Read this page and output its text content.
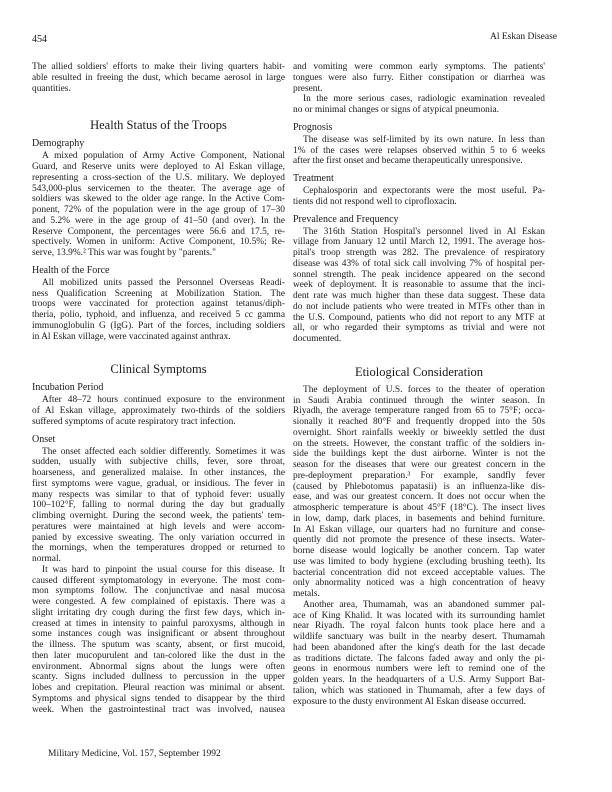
454	Al Eskan Disease
The allied soldiers' efforts to make their living quarters habit-
able resulted in freeing the dust, which became aerosol in large
quantities.
Health Status of the Troops
Demography
A mixed population of Army Active Component, National
Guard, and Reserve units were deployed to Al Eskan village,
representing a cross-section of the U.S. military. We deployed
543,000-plus servicemen to the theater. The average age of
soldiers was skewed to the older age range. In the Active Com-
ponent, 72% of the population were in the age group of 17–30
and 5.2% were in the age group of 41–50 (and over). In the
Reserve Component, the percentages were 56.6 and 17.5, re-
spectively. Women in uniform: Active Component, 10.5%; Re-
serve, 13.9%.² This war was fought by "parents."
Health of the Force
All mobilized units passed the Personnel Overseas Readi-
ness Qualification Screening at Mobilization Station. The
troops were vaccinated for protection against tetanus/diph-
theria, polio, typhoid, and influenza, and received 5 cc gamma
immunoglobulin G (IgG). Part of the forces, including soldiers
in Al Eskan village, were vaccinated against anthrax.
Clinical Symptoms
Incubation Period
After 48–72 hours continued exposure to the environment
of Al Eskan village, approximately two-thirds of the soldiers
suffered symptoms of acute respiratory tract infection.
Onset
The onset affected each soldier differently. Sometimes it was
sudden, usually with subjective chills, fever, sore throat,
hoarseness, and generalized malaise. In other instances, the
first symptoms were vague, gradual, or insidious. The fever in
many respects was similar to that of typhoid fever: usually
100–102°F, falling to normal during the day but gradually
climbing overnight. During the second week, the patients' tem-
peratures were maintained at high levels and were accom-
panied by excessive sweating. The only variation occurred in
the mornings, when the temperatures dropped or returned to
normal.
It was hard to pinpoint the usual course for this disease. It
caused different symptomatology in everyone. The most com-
mon symptoms follow. The conjunctivae and nasal mucosa
were congested. A few complained of epistaxis. There was a
slight irritating dry cough during the first few days, which in-
creased at times in intensity to painful paroxysms, although in
some instances cough was insignificant or absent throughout
the illness. The sputum was scanty, absent, or first mucoid,
then later mucopurulent and tan-colored like the dust in the
environment. Abnormal signs about the lungs were often
scanty. Signs included dullness to percussion in the upper
lobes and crepitation. Pleural reaction was minimal or absent.
Symptoms and physical signs tended to disappear by the third
week. When the gastrointestinal tract was involved, nausea
and vomiting were common early symptoms. The patients'
tongues were also furry. Either constipation or diarrhea was
present.
In the more serious cases, radiologic examination revealed
no or minimal changes or signs of atypical pneumonia.
Prognosis
The disease was self-limited by its own nature. In less than
1% of the cases were relapses observed within 5 to 6 weeks
after the first onset and became therapeutically unresponsive.
Treatment
Cephalosporin and expectorants were the most useful. Pa-
tients did not respond well to ciprofloxacin.
Prevalence and Frequency
The 316th Station Hospital's personnel lived in Al Eskan
village from January 12 until March 12, 1991. The average hos-
pital's troop strength was 282. The prevalence of respiratory
disease was 43% of total sick call involving 7% of hospital per-
sonnel strength. The peak incidence appeared on the second
week of deployment. It is reasonable to assume that the inci-
dent rate was much higher than these data suggest. These data
do not include patients who were treated in MTFs other than in
the U.S. Compound, patients who did not report to any MTF at
all, or who regarded their symptoms as trivial and were not
documented.
Etiological Consideration
The deployment of U.S. forces to the theater of operation
in Saudi Arabia continued through the winter season. In
Riyadh, the average temperature ranged from 65 to 75°F; occa-
sionally it reached 80°F and frequently dropped into the 50s
overnight. Short rainfalls weekly or biweekly settled the dust
on the streets. However, the constant traffic of the soldiers in-
side the buildings kept the dust airborne. Winter is not the
season for the diseases that were our greatest concern in the
pre-deployment preparation.³ For example, sandfly fever
(caused by Phlebotomus papatasii) is an influenza-like dis-
ease, and was our greatest concern. It does not occur when the
atmospheric temperature is about 45°F (18°C). The insect lives
in low, damp, dark places, in basements and behind furniture.
In Al Eskan village, our quarters had no furniture and conse-
quently did not promote the presence of these insects. Water-
borne disease would logically be another concern. Tap water
use was limited to body hygiene (excluding brushing teeth). Its
bacterial concentration did not exceed acceptable values. The
only abnormality noticed was a high concentration of heavy
metals.
Another area, Thumamah, was an abandoned summer pal-
ace of King Khalid. It was located with its surrounding hamlet
near Riyadh. The royal falcon hunts took place here and a
wildlife sanctuary was built in the nearby desert. Thumamah
had been abandoned after the king's death for the last decade
as traditions dictate. The falcons faded away and only the pi-
geons in enormous numbers were left to remind one of the
golden years. In the headquarters of a U.S. Army Support Bat-
talion, which was stationed in Thumamah, after a few days of
exposure to the dusty environment Al Eskan disease occurred.
Military Medicine, Vol. 157, September 1992
